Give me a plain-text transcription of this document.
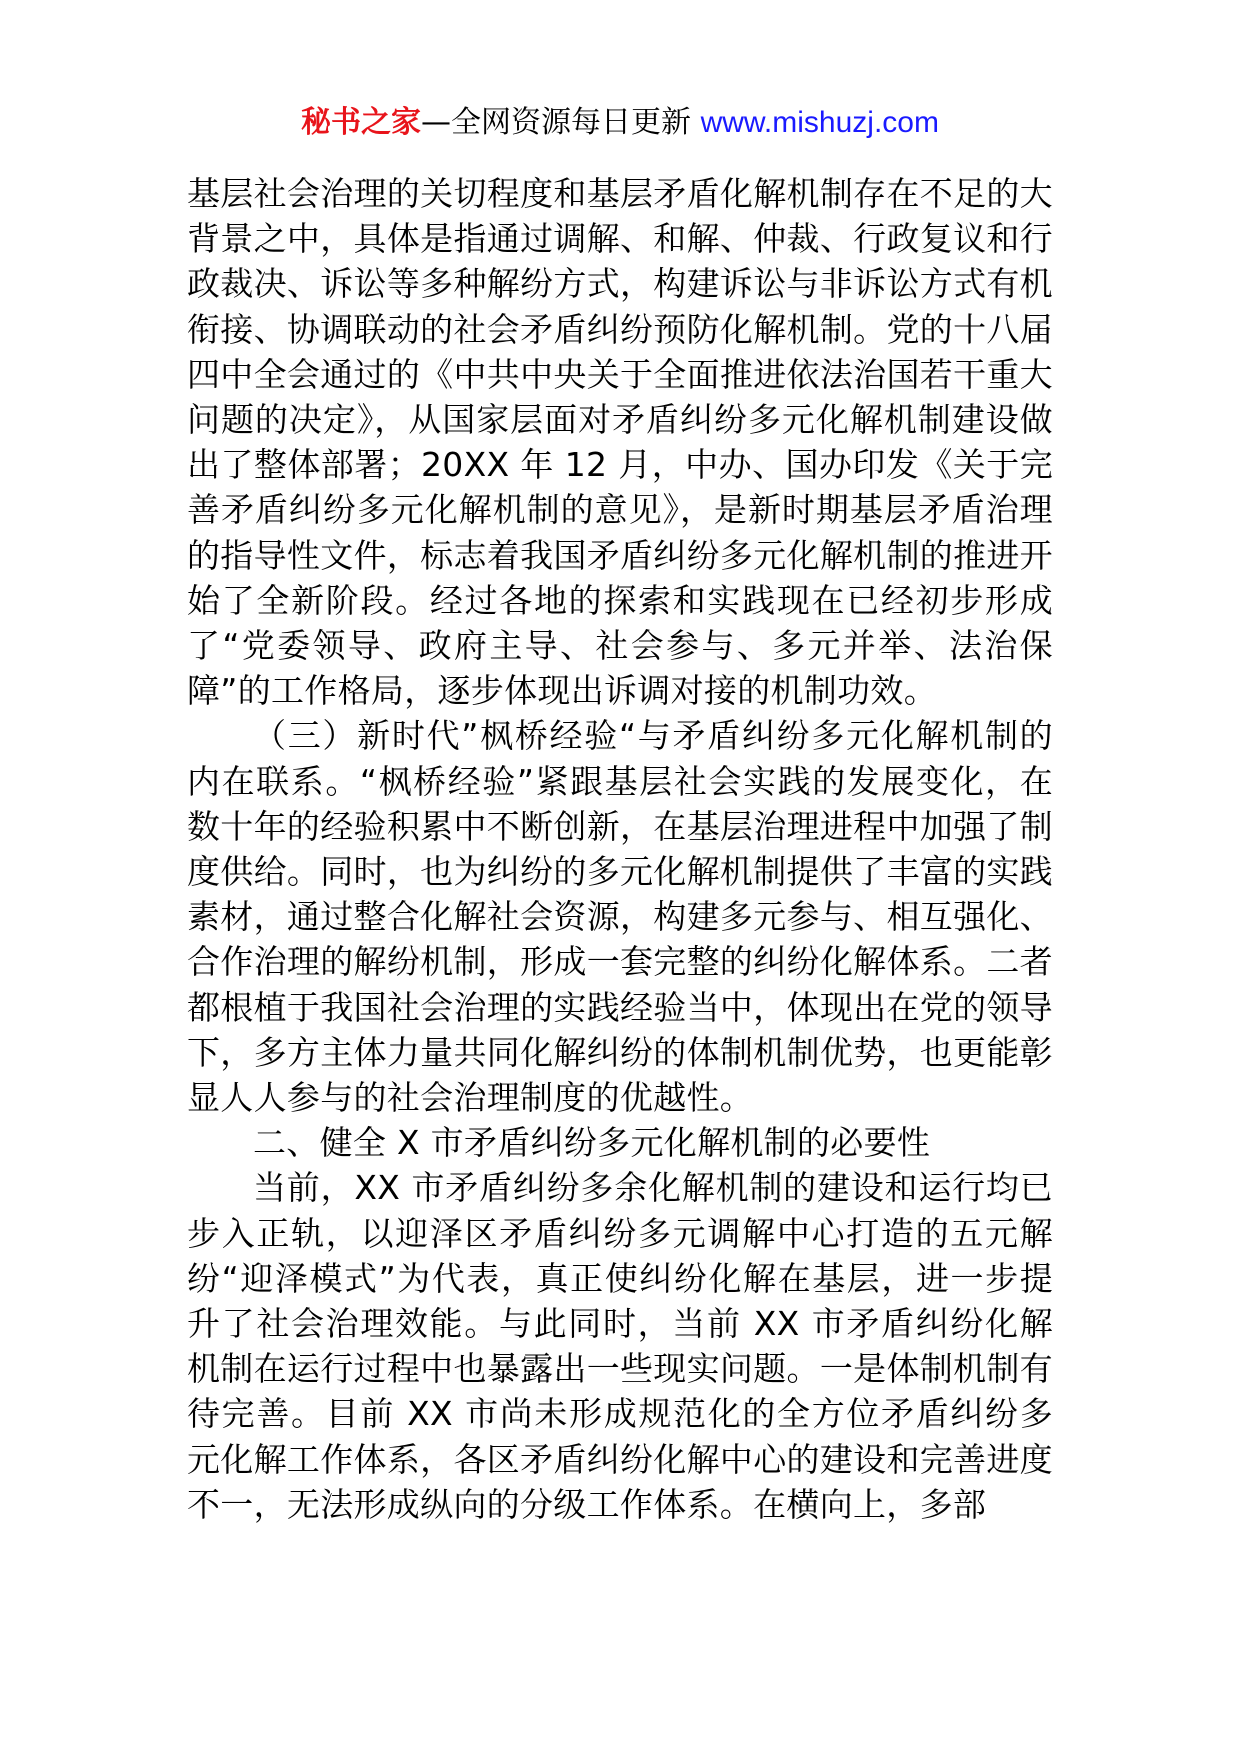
秘书之家—全网资源每日更新 www.mishuzj.com

基层社会治理的关切程度和基层矛盾化解机制存在不足的大背景之中，具体是指通过调解、和解、仲裁、行政复议和行政裁决、诉讼等多种解纷方式，构建诉讼与非诉讼方式有机衔接、协调联动的社会矛盾纠纷预防化解机制。党的十八届四中全会通过的《中共中央关于全面推进依法治国若干重大问题的决定》，从国家层面对矛盾纠纷多元化解机制建设做出了整体部署；20XX 年 12 月，中办、国办印发《关于完善矛盾纠纷多元化解机制的意见》，是新时期基层矛盾治理的指导性文件，标志着我国矛盾纠纷多元化解机制的推进开始了全新阶段。经过各地的探索和实践现在已经初步形成了“党委领导、政府主导、社会参与、多元并举、法治保障”的工作格局，逐步体现出诉调对接的机制功效。

（三）新时代”枫桥经验“与矛盾纠纷多元化解机制的内在联系。“枫桥经验”紧跟基层社会实践的发展变化，在数十年的经验积累中不断创新，在基层治理进程中加强了制度供给。同时，也为纠纷的多元化解机制提供了丰富的实践素材，通过整合化解社会资源，构建多元参与、相互强化、合作治理的解纷机制，形成一套完整的纠纷化解体系。二者都根植于我国社会治理的实践经验当中，体现出在党的领导下，多方主体力量共同化解纠纷的体制机制优势，也更能彰显人人参与的社会治理制度的优越性。

二、健全 X 市矛盾纠纷多元化解机制的必要性

当前，XX 市矛盾纠纷多余化解机制的建设和运行均已步入正轨，以迎泽区矛盾纠纷多元调解中心打造的五元解纷“迎泽模式”为代表，真正使纠纷化解在基层，进一步提升了社会治理效能。与此同时，当前 XX 市矛盾纠纷化解机制在运行过程中也暴露出一些现实问题。一是体制机制有待完善。目前 XX 市尚未形成规范化的全方位矛盾纠纷多元化解工作体系，各区矛盾纠纷化解中心的建设和完善进度不一，无法形成纵向的分级工作体系。在横向上，多部
